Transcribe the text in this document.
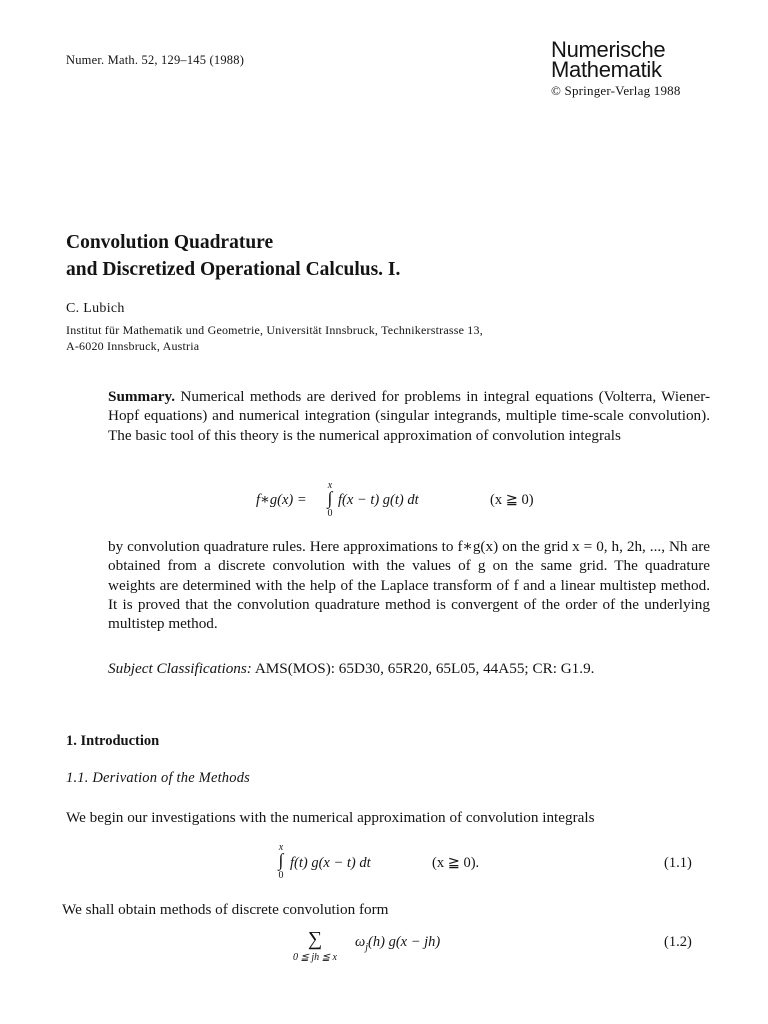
Numer. Math. 52, 129–145 (1988)	Numerische
Mathematik
© Springer-Verlag 1988
Convolution Quadrature
and Discretized Operational Calculus. I.
C. Lubich
Institut für Mathematik und Geometrie, Universität Innsbruck, Technikerstrasse 13,
A-6020 Innsbruck, Austria
Summary. Numerical methods are derived for problems in integral equations (Volterra, Wiener-Hopf equations) and numerical integration (singular integrands, multiple time-scale convolution). The basic tool of this theory is the numerical approximation of convolution integrals
f∗g(x) =
x
∫
0
f(x − t) g(t) dt	(x ≧ 0)
by convolution quadrature rules. Here approximations to f∗g(x) on the grid x = 0, h, 2h, ..., Nh are obtained from a discrete convolution with the values of g on the same grid. The quadrature weights are determined with the help of the Laplace transform of f and a linear multistep method. It is proved that the convolution quadrature method is convergent of the order of the underlying multistep method.
Subject Classifications: AMS(MOS): 65D30, 65R20, 65L05, 44A55; CR: G1.9.
1. Introduction
1.1. Derivation of the Methods
We begin our investigations with the numerical approximation of convolution integrals
x
∫
0
f(t) g(x − t) dt	(x ≧ 0).	(1.1)
We shall obtain methods of discrete convolution form
∑
0 ≦ jh ≦ x
$\omega_j(h) g(x - jh)$	(1.2)
